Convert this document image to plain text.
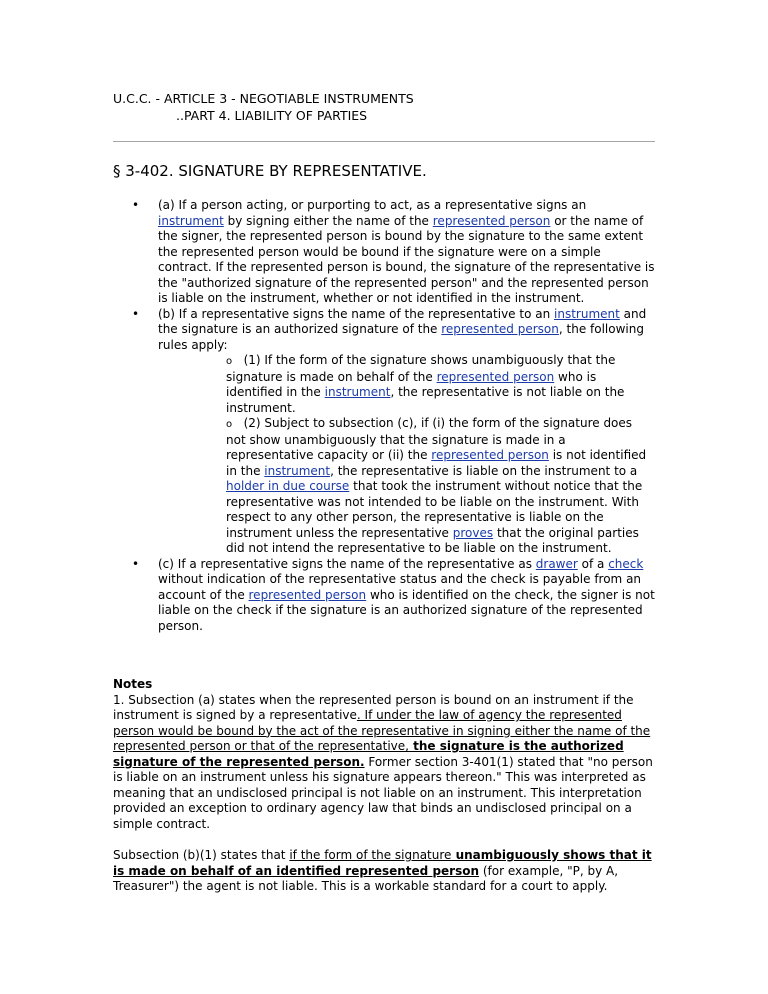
U.C.C. - ARTICLE 3 - NEGOTIABLE INSTRUMENTS
..PART 4. LIABILITY OF PARTIES
§ 3-402. SIGNATURE BY REPRESENTATIVE.
• (a) If a person acting, or purporting to act, as a representative signs an instrument by signing either the name of the represented person or the name of the signer, the represented person is bound by the signature to the same extent the represented person would be bound if the signature were on a simple contract. If the represented person is bound, the signature of the representative is the "authorized signature of the represented person" and the represented person is liable on the instrument, whether or not identified in the instrument.
• (b) If a representative signs the name of the representative to an instrument and the signature is an authorized signature of the represented person, the following rules apply:
o (1) If the form of the signature shows unambiguously that the signature is made on behalf of the represented person who is identified in the instrument, the representative is not liable on the instrument.
o (2) Subject to subsection (c), if (i) the form of the signature does not show unambiguously that the signature is made in a representative capacity or (ii) the represented person is not identified in the instrument, the representative is liable on the instrument to a holder in due course that took the instrument without notice that the representative was not intended to be liable on the instrument. With respect to any other person, the representative is liable on the instrument unless the representative proves that the original parties did not intend the representative to be liable on the instrument.
• (c) If a representative signs the name of the representative as drawer of a check without indication of the representative status and the check is payable from an account of the represented person who is identified on the check, the signer is not liable on the check if the signature is an authorized signature of the represented person.
Notes
1. Subsection (a) states when the represented person is bound on an instrument if the instrument is signed by a representative. If under the law of agency the represented person would be bound by the act of the representative in signing either the name of the represented person or that of the representative, the signature is the authorized signature of the represented person. Former section 3-401(1) stated that "no person is liable on an instrument unless his signature appears thereon." This was interpreted as meaning that an undisclosed principal is not liable on an instrument. This interpretation provided an exception to ordinary agency law that binds an undisclosed principal on a simple contract.
Subsection (b)(1) states that if the form of the signature unambiguously shows that it is made on behalf of an identified represented person (for example, "P, by A, Treasurer") the agent is not liable. This is a workable standard for a court to apply.
